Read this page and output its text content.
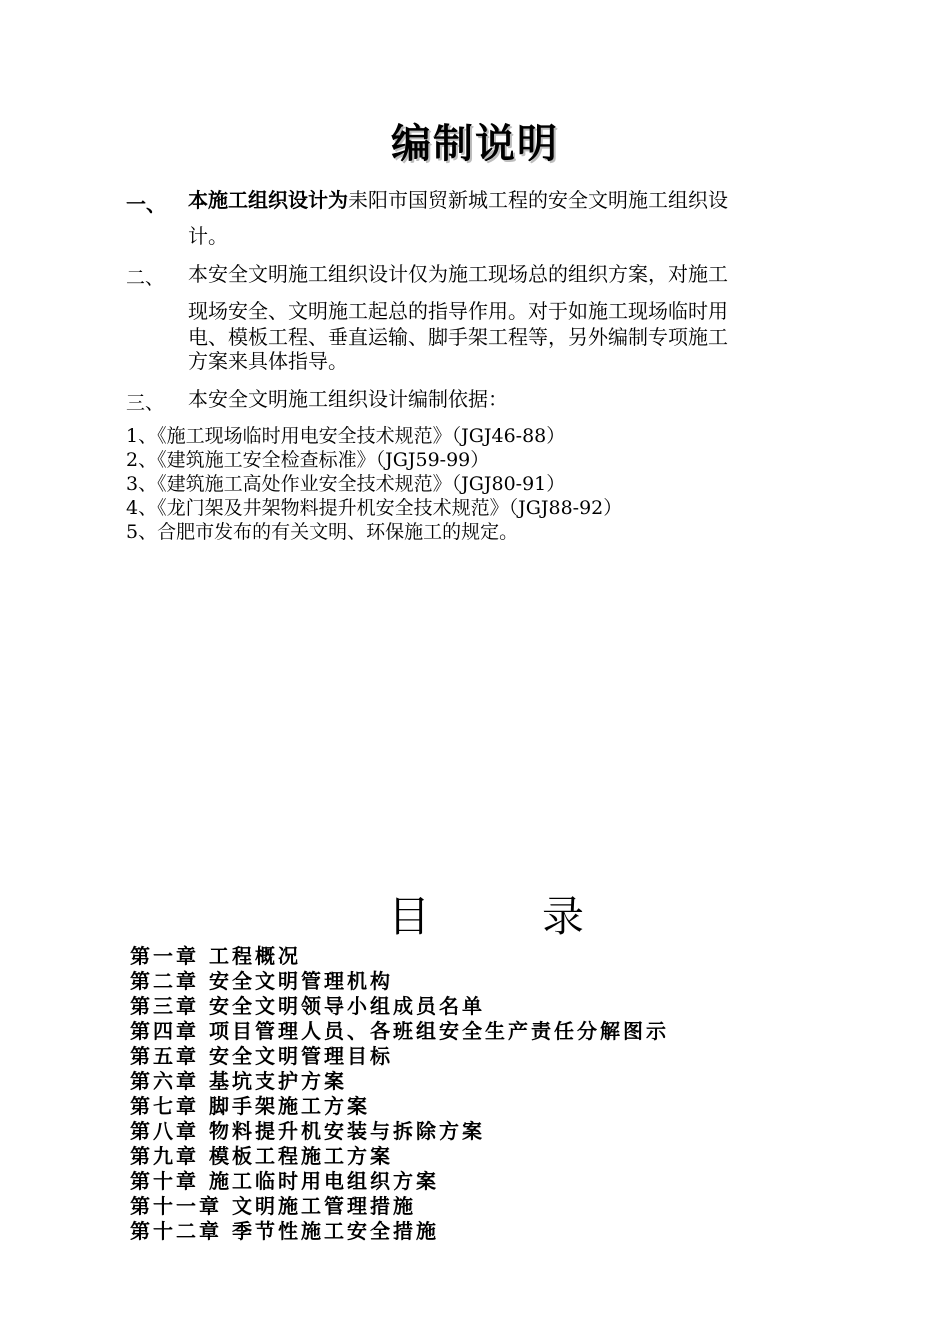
编制说明
一、 本施工组织设计为耒阳市国贸新城工程的安全文明施工组织设
计。
二、 本安全文明施工组织设计仅为施工现场总的组织方案，对施工
现场安全、文明施工起总的指导作用。对于如施工现场临时用
电、模板工程、垂直运输、脚手架工程等，另外编制专项施工
方案来具体指导。
三、 本安全文明施工组织设计编制依据：
1、《施工现场临时用电安全技术规范》（JGJ46-88）
2、《建筑施工安全检查标准》（JGJ59-99）
3、《建筑施工高处作业安全技术规范》（JGJ80-91）
4、《龙门架及井架物料提升机安全技术规范》（JGJ88-92）
5、合肥市发布的有关文明、环保施工的规定。
目	录
第一章 工程概况
第二章 安全文明管理机构
第三章 安全文明领导小组成员名单
第四章 项目管理人员、各班组安全生产责任分解图示
第五章 安全文明管理目标
第六章 基坑支护方案
第七章 脚手架施工方案
第八章 物料提升机安装与拆除方案
第九章 模板工程施工方案
第十章 施工临时用电组织方案
第十一章 文明施工管理措施
第十二章 季节性施工安全措施
